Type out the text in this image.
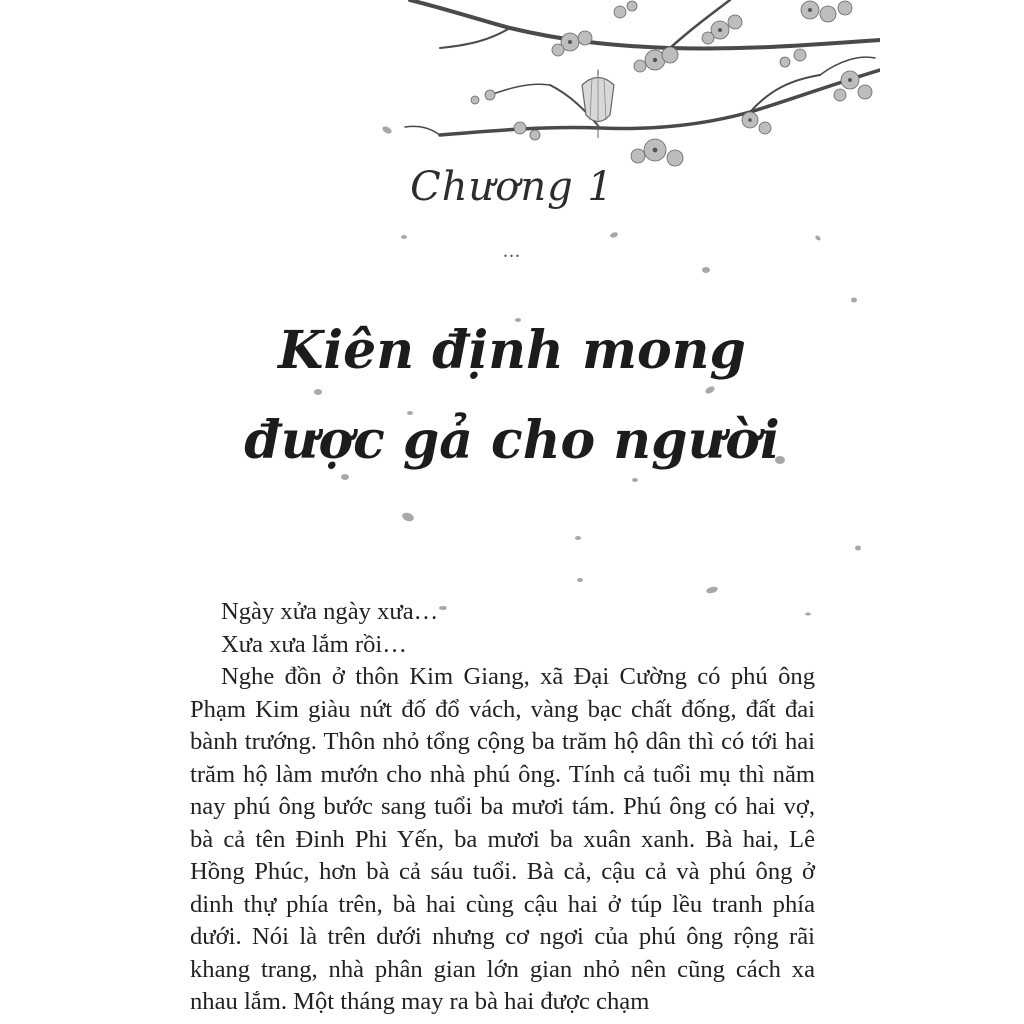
Chương 1
...
Kiên định mong
được gả cho người

Ngày xửa ngày xưa…

Xưa xưa lắm rồi…

Nghe đồn ở thôn Kim Giang, xã Đại Cường có phú ông Phạm Kim giàu nứt đố đổ vách, vàng bạc chất đống, đất đai bành trướng. Thôn nhỏ tổng cộng ba trăm hộ dân thì có tới hai trăm hộ làm mướn cho nhà phú ông. Tính cả tuổi mụ thì năm nay phú ông bước sang tuổi ba mươi tám. Phú ông có hai vợ, bà cả tên Đinh Phi Yến, ba mươi ba xuân xanh. Bà hai, Lê Hồng Phúc, hơn bà cả sáu tuổi. Bà cả, cậu cả và phú ông ở dinh thự phía trên, bà hai cùng cậu hai ở túp lều tranh phía dưới. Nói là trên dưới nhưng cơ ngơi của phú ông rộng rãi khang trang, nhà phân gian lớn gian nhỏ nên cũng cách xa nhau lắm. Một tháng may ra bà hai được chạm
